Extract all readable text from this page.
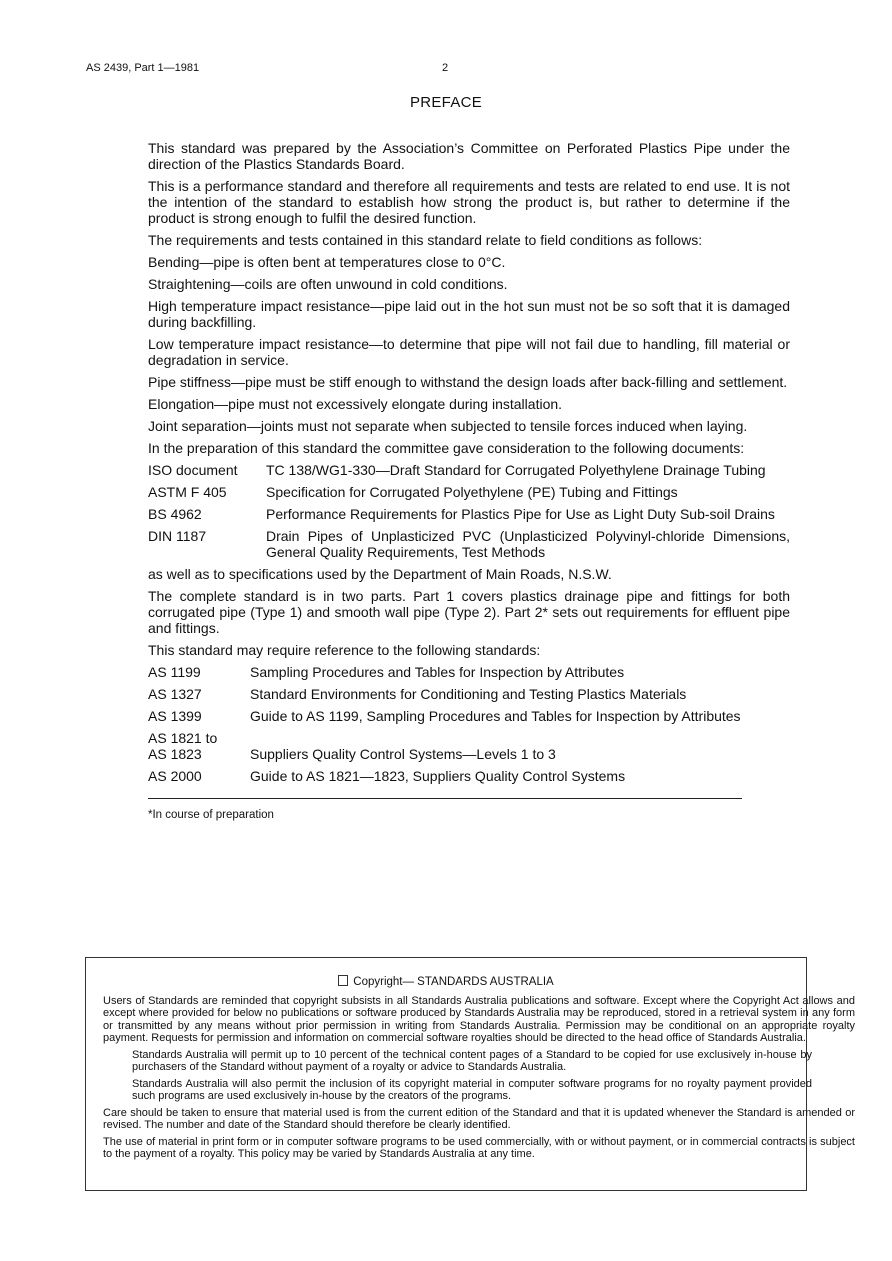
AS 2439, Part 1—1981	2
PREFACE

This standard was prepared by the Association’s Committee on Perforated Plastics Pipe under the direction of the Plastics Standards Board.

This is a performance standard and therefore all requirements and tests are related to end use. It is not the intention of the standard to establish how strong the product is, but rather to determine if the product is strong enough to fulfil the desired function.

The requirements and tests contained in this standard relate to field conditions as follows:

Bending—pipe is often bent at temperatures close to 0°C.

Straightening—coils are often unwound in cold conditions.

High temperature impact resistance—pipe laid out in the hot sun must not be so soft that it is damaged during backfilling.

Low temperature impact resistance—to determine that pipe will not fail due to handling, fill material or degradation in service.

Pipe stiffness—pipe must be stiff enough to withstand the design loads after back-filling and settlement.

Elongation—pipe must not excessively elongate during installation.

Joint separation—joints must not separate when subjected to tensile forces induced when laying.

In the preparation of this standard the committee gave consideration to the following documents:

ISO document	TC 138/WG1-330—Draft Standard for Corrugated Polyethylene Drainage Tubing
ASTM F 405	Specification for Corrugated Polyethylene (PE) Tubing and Fittings
BS 4962	Performance Requirements for Plastics Pipe for Use as Light Duty Sub-soil Drains
DIN 1187	Drain Pipes of Unplasticized PVC (Unplasticized Polyvinyl-chloride Dimensions, General Quality Requirements, Test Methods

as well as to specifications used by the Department of Main Roads, N.S.W.

The complete standard is in two parts. Part 1 covers plastics drainage pipe and fittings for both corrugated pipe (Type 1) and smooth wall pipe (Type 2). Part 2* sets out requirements for effluent pipe and fittings.

This standard may require reference to the following standards:

AS 1199	Sampling Procedures and Tables for Inspection by Attributes
AS 1327	Standard Environments for Conditioning and Testing Plastics Materials
AS 1399	Guide to AS 1199, Sampling Procedures and Tables for Inspection by Attributes
AS 1821 to
AS 1823	Suppliers Quality Control Systems—Levels 1 to 3
AS 2000	Guide to AS 1821—1823, Suppliers Quality Control Systems
*In course of preparation
Copyright— STANDARDS AUSTRALIA
Users of Standards are reminded that copyright subsists in all Standards Australia publications and software. Except where the Copyright Act allows and except where provided for below no publications or software produced by Standards Australia may be reproduced, stored in a retrieval system in any form or transmitted by any means without prior permission in writing from Standards Australia. Permission may be conditional on an appropriate royalty payment. Requests for permission and information on commercial software royalties should be directed to the head office of Standards Australia.
Standards Australia will permit up to 10 percent of the technical content pages of a Standard to be copied for use exclusively in-house by purchasers of the Standard without payment of a royalty or advice to Standards Australia.
Standards Australia will also permit the inclusion of its copyright material in computer software programs for no royalty payment provided such programs are used exclusively in-house by the creators of the programs.
Care should be taken to ensure that material used is from the current edition of the Standard and that it is updated whenever the Standard is amended or revised. The number and date of the Standard should therefore be clearly identified.
The use of material in print form or in computer software programs to be used commercially, with or without payment, or in commercial contracts is subject to the payment of a royalty. This policy may be varied by Standards Australia at any time.
